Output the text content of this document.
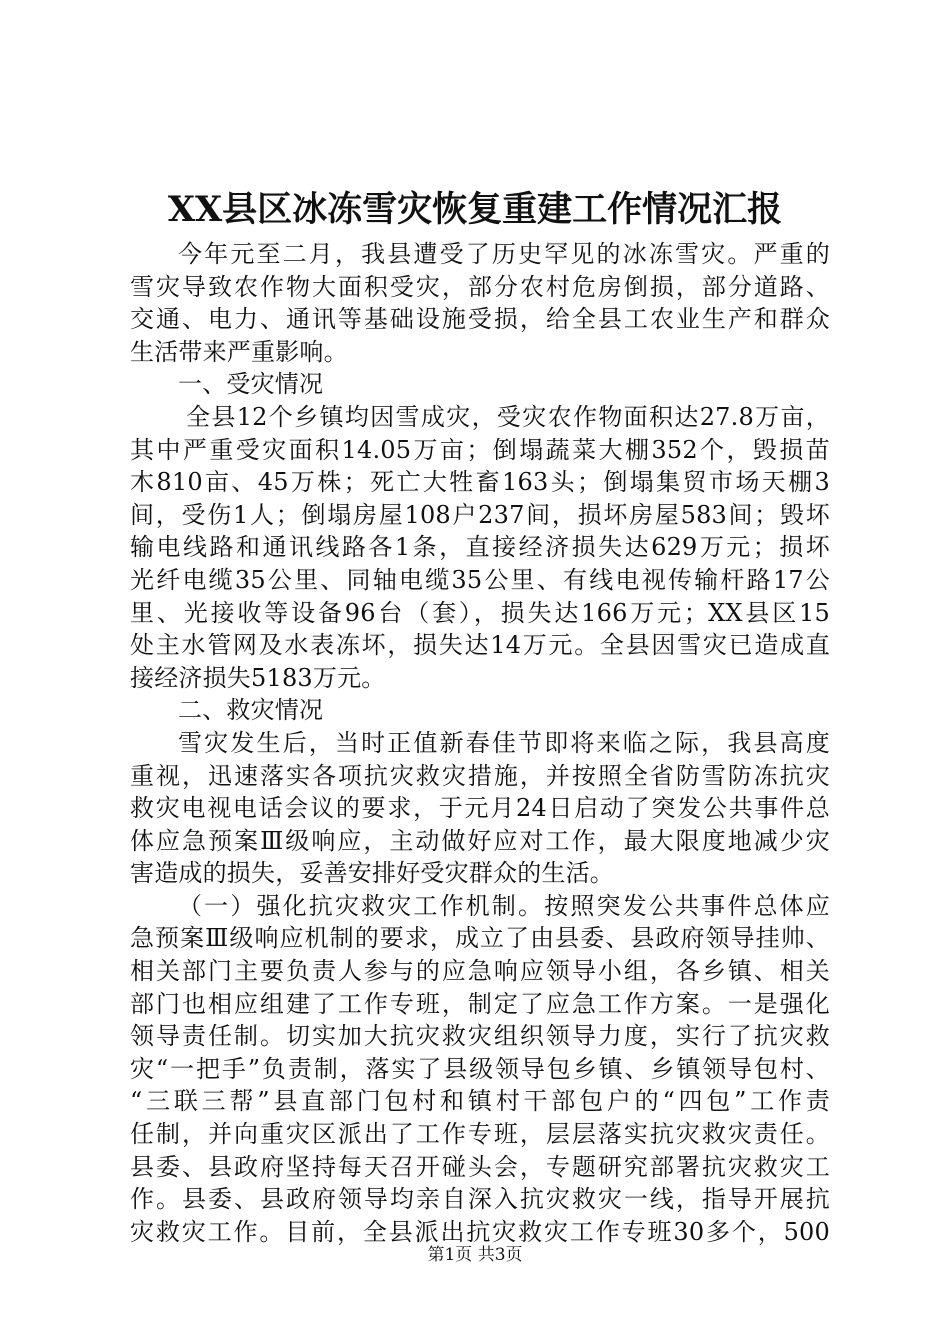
XX县区冰冻雪灾恢复重建工作情况汇报
今年元至二月，我县遭受了历史罕见的冰冻雪灾。严重的
雪灾导致农作物大面积受灾，部分农村危房倒损，部分道路、
交通、电力、通讯等基础设施受损，给全县工农业生产和群众
生活带来严重影响。
一、受灾情况
全县12个乡镇均因雪成灾，受灾农作物面积达27.8万亩，
其中严重受灾面积14.05万亩；倒塌蔬菜大棚352个，毁损苗
木810亩、45万株；死亡大牲畜163头；倒塌集贸市场天棚3
间，受伤1人；倒塌房屋108户237间，损坏房屋583间；毁坏
输电线路和通讯线路各1条，直接经济损失达629万元；损坏
光纤电缆35公里、同轴电缆35公里、有线电视传输杆路17公
里、光接收等设备96台（套），损失达166万元；XX县区15
处主水管网及水表冻坏，损失达14万元。全县因雪灾已造成直
接经济损失5183万元。
二、救灾情况
雪灾发生后，当时正值新春佳节即将来临之际，我县高度
重视，迅速落实各项抗灾救灾措施，并按照全省防雪防冻抗灾
救灾电视电话会议的要求，于元月24日启动了突发公共事件总
体应急预案Ⅲ级响应，主动做好应对工作，最大限度地减少灾
害造成的损失，妥善安排好受灾群众的生活。
（一）强化抗灾救灾工作机制。按照突发公共事件总体应
急预案Ⅲ级响应机制的要求，成立了由县委、县政府领导挂帅、
相关部门主要负责人参与的应急响应领导小组，各乡镇、相关
部门也相应组建了工作专班，制定了应急工作方案。一是强化
领导责任制。切实加大抗灾救灾组织领导力度，实行了抗灾救
灾“一把手”负责制，落实了县级领导包乡镇、乡镇领导包村、
“三联三帮”县直部门包村和镇村干部包户的“四包”工作责
任制，并向重灾区派出了工作专班，层层落实抗灾救灾责任。
县委、县政府坚持每天召开碰头会，专题研究部署抗灾救灾工
作。县委、县政府领导均亲自深入抗灾救灾一线，指导开展抗
灾救灾工作。目前，全县派出抗灾救灾工作专班30多个，500
第1页 共3页
